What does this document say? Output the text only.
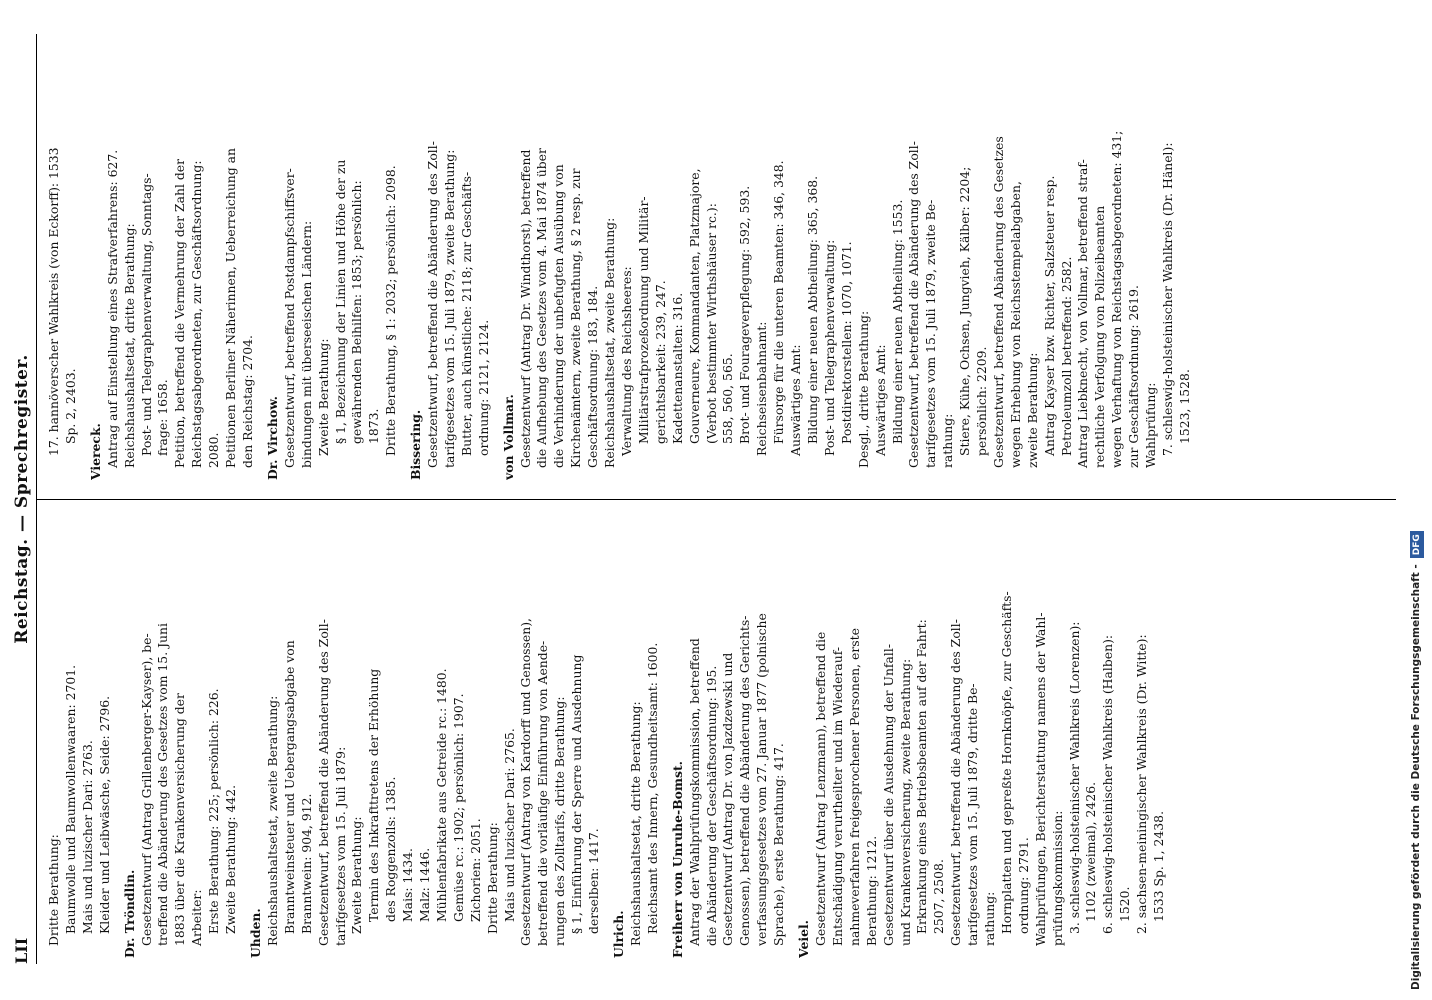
LII
Reichstag. — Sprechregister.
Dritte Berathung: Baumwolle und Baumwollenwaaren: 2701. Mais und luzischer Dari: 2763. Kleider und Leibwäsche, Seide: 2796. Dr. Tröndlin. Gesetzentwurf (Antrag Grillenberger-Kayser), be- treffend die Abänderung des Gesetzes vom 15. Juni 1883 über die Krankenversicherung der Arbeiter: Erste Berathung: 225; persönlich: 226. Zweite Berathung: 442. Uhden. Reichshaushaltsetat, zweite Berathung: Branntweinsteuer und Uebergangsabgabe von Branntwein: 904, 912. Gesetzentwurf, betreffend die Abänderung des Zoll- tarifgesetzes vom 15. Juli 1879: Zweite Berathung: Termin des Inkrafttretens der Erhöhung des Roggenzolls: 1385. Mais: 1434. Malz: 1446. Mühlenfabrikate aus Getreide rc.: 1480. Gemüse rc.: 1902; persönlich: 1907. Zichorien: 2051. Dritte Berathung: Mais und luzischer Dari: 2765. Gesetzentwurf (Antrag von Kardorff und Genossen), betreffend die vorläufige Einführung von Aende- rungen des Zolltarifs, dritte Berathung: § 1, Einführung der Sperre und Ausdehnung derselben: 1417.
Ulrich. Reichshaushaltsetat, dritte Berathung: Reichsamt des Innern, Gesundheitsamt: 1600. Freiherr von Unruhe-Bomst. Antrag der Wahlprüfungskommission, betreffend die Abänderung der Geschäftsordnung: 195. Gesetzentwurf (Antrag Dr. von Jazdzewski und Genossen), betreffend die Abänderung des Gerichts- verfassungsgesetzes vom 27. Januar 1877 (polnische Sprache), erste Berathung: 417. Veiel. Gesetzentwurf (Antrag Lenzmann), betreffend die Entschädigung verurtheilter und im Wiederauf- nahmeverfahren freigesprochener Personen, erste Berathung: 1212. Gesetzentwurf über die Ausdehnung der Unfall- und Krankenversicherung, zweite Berathung: Erkrankung eines Betriebsbeamten auf der Fahrt: 2507, 2508. Gesetzentwurf, betreffend die Abänderung des Zoll- tarifgesetzes vom 15. Juli 1879, dritte Be- rathung: Hornplatten und gepreßte Hornknöpfe, zur Geschäfts- ordnung: 2791. Wahlprüfungen, Berichterstattung namens der Wahl- prüfungskommission: 3. schleswig-holsteinischer Wahlkreis (Lorenzen): 1102 (zweimal), 2426. 6. schleswig-holsteinischer Wahlkreis (Halben): 1520. 2. sachsen-meiningischer Wahlkreis (Dr. Witte): 1533 Sp. 1, 2438.
17. hannöverscher Wahlkreis (von Eckorff): 1533 Sp. 2, 2403.
Viereck. Antrag auf Einstellung eines Strafverfahrens: 627. Reichshaushaltsetat, dritte Berathung: Post- und Telegraphenverwaltung, Sonntags- frage: 1658. Petition, betreffend die Vermehrung der Zahl der Reichstagsabgeordneten, zur Geschäftsordnung: 2080. Petitionen Berliner Näherinnen, Ueberreichung an den Reichstag: 2704. Dr. Virchow. Gesetzentwurf, betreffend Postdampfschiffsver- bindungen mit überseeischen Ländern: Zweite Berathung: § 1, Bezeichnung der Linien und Höhe der zu gewährenden Beihilfen: 1853; persönlich: 1873. Dritte Berathung, § 1: 2032; persönlich: 2098. Bissering. Gesetzentwurf, betreffend die Abänderung des Zoll- tarifgesetzes vom 15. Juli 1879, zweite Berathung: Butter, auch künstliche: 2118; zur Geschäfts- ordnung: 2121, 2124. von Vollmar. Gesetzentwurf (Antrag Dr. Windthorst), betreffend die Aufhebung des Gesetzes vom 4. Mai 1874 über die Verhinderung der unbefugten Ausübung von Kirchenämtern, zweite Berathung, § 2 resp. zur Geschäftsordnung: 183, 184. Reichshaushaltsetat, zweite Berathung: Verwaltung des Reichsheeres: Militärstrafprozeßordnung und Militär- gerichtsbarkeit: 239, 247. Kadettenanstalten: 316. Gouverneure, Kommandanten, Platzmajore, (Verbot bestimmter Wirthshäuser rc.): 558, 560, 565. Brot- und Fourageverpflegung: 592, 593. Reichseisenbahnamt: Fürsorge für die unteren Beamten: 346, 348. Auswärtiges Amt: Bildung einer neuen Abtheilung: 365, 368. Post- und Telegraphenverwaltung: Postdirektorstellen: 1070, 1071. Desgl., dritte Berathung: Auswärtiges Amt: Bildung einer neuen Abtheilung: 1553. Gesetzentwurf, betreffend die Abänderung des Zoll- tarifgesetzes vom 15. Juli 1879, zweite Be- rathung: Stiere, Kühe, Ochsen, Jungvieh, Kälber: 2204; persönlich: 2209. Gesetzentwurf, betreffend Abänderung des Gesetzes wegen Erhebung von Reichsstempelabgaben, zweite Berathung: Antrag Kayser bzw. Richter, Salzsteuer resp. Petroleumzoll betreffend: 2582. Antrag Liebknecht, von Vollmar, betreffend straf- rechtliche Verfolgung von Polizeibeamten wegen Verhaftung von Reichstagsabgeordneten: 431; zur Geschäftsordnung: 2619. Wahlprüfung: 7. schleswig-holsteinischer Wahlkreis (Dr. Hänel): 1523, 1528.
Digitalisierung gefördert durch die Deutsche Forschungsgemeinschaft -DFG
